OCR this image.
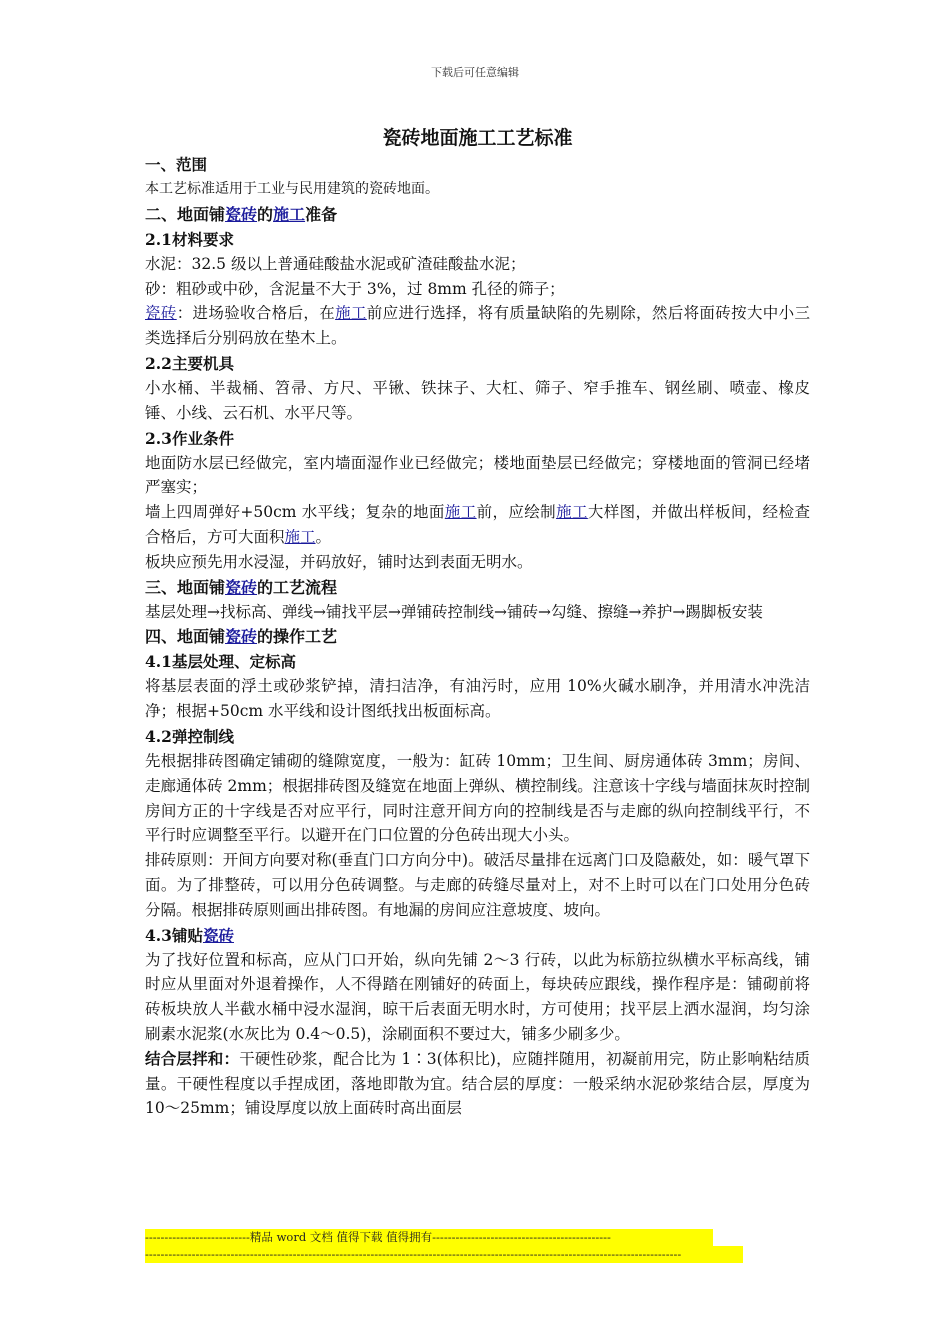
下载后可任意编辑

瓷砖地面施工工艺标准

一、范围

本工艺标准适用于工业与民用建筑的瓷砖地面。

二、地面铺瓷砖的施工准备

2.1材料要求

水泥：32.5 级以上普通硅酸盐水泥或矿渣硅酸盐水泥；

砂：粗砂或中砂，含泥量不大于 3%，过 8mm 孔径的筛子；

瓷砖：进场验收合格后，在施工前应进行选择，将有质量缺陷的先剔除，然后将面砖按大中小三类选择后分别码放在垫木上。

2.2主要机具

小水桶、半裁桶、笤帚、方尺、平锹、铁抹子、大杠、筛子、窄手推车、钢丝刷、喷壶、橡皮锤、小线、云石机、水平尺等。

2.3作业条件

地面防水层已经做完，室内墙面湿作业已经做完；楼地面垫层已经做完；穿楼地面的管洞已经堵严塞实；

墙上四周弹好+50cm 水平线；复杂的地面施工前，应绘制施工大样图，并做出样板间，经检查合格后，方可大面积施工。

板块应预先用水浸湿，并码放好，铺时达到表面无明水。

三、地面铺瓷砖的工艺流程

基层处理→找标高、弹线→铺找平层→弹铺砖控制线→铺砖→勾缝、擦缝→养护→踢脚板安装

四、地面铺瓷砖的操作工艺

4.1基层处理、定标高

将基层表面的浮土或砂浆铲掉，清扫洁净，有油污时，应用 10%火碱水刷净，并用清水冲洗洁净；根据+50cm 水平线和设计图纸找出板面标高。

4.2弹控制线

先根据排砖图确定铺砌的缝隙宽度，一般为：缸砖 10mm；卫生间、厨房通体砖 3mm；房间、走廊通体砖 2mm；根据排砖图及缝宽在地面上弹纵、横控制线。注意该十字线与墙面抹灰时控制房间方正的十字线是否对应平行，同时注意开间方向的控制线是否与走廊的纵向控制线平行，不平行时应调整至平行。以避开在门口位置的分色砖出现大小头。

排砖原则：开间方向要对称(垂直门口方向分中)。破活尽量排在远离门口及隐蔽处，如：暖气罩下面。为了排整砖，可以用分色砖调整。与走廊的砖缝尽量对上，对不上时可以在门口处用分色砖分隔。根据排砖原则画出排砖图。有地漏的房间应注意坡度、坡向。

4.3铺贴瓷砖

为了找好位置和标高，应从门口开始，纵向先铺 2～3 行砖，以此为标筋拉纵横水平标高线，铺时应从里面对外退着操作，人不得踏在刚铺好的砖面上，每块砖应跟线，操作程序是：铺砌前将砖板块放人半截水桶中浸水湿润，晾干后表面无明水时，方可使用；找平层上洒水湿润，均匀涂刷素水泥浆(水灰比为 0.4～0.5)，涂刷面积不要过大，铺多少刷多少。

结合层拌和：干硬性砂浆，配合比为 1∶3(体积比)，应随拌随用，初凝前用完，防止影响粘结质量。干硬性程度以手捏成团，落地即散为宜。结合层的厚度：一般采纳水泥砂浆结合层，厚度为 10～25mm；铺设厚度以放上面砖时高出面层

---------------------------精品 word 文档 值得下载 值得拥有----------------------------------------------
------------------------------------------------------------------------------------------------------------------------------------------
